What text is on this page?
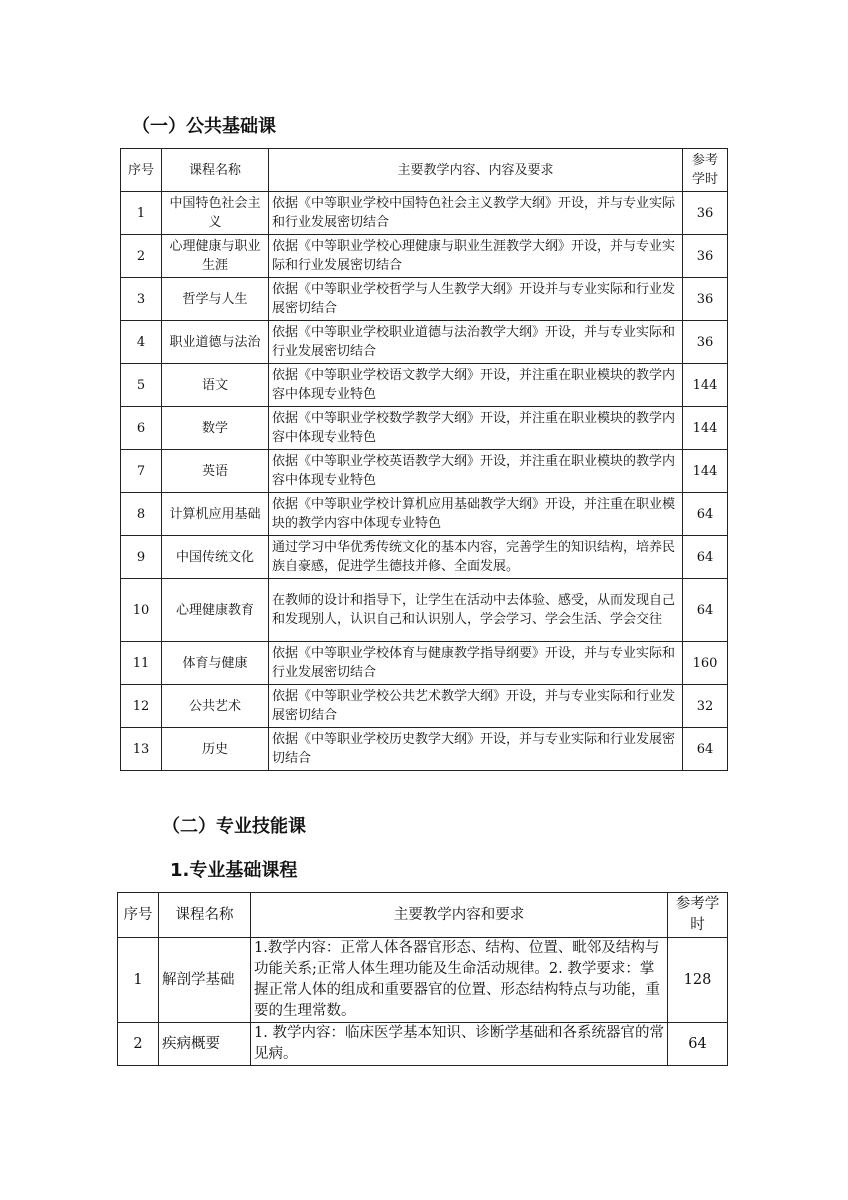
（一）公共基础课
序号	课程名称	主要教学内容、内容及要求	参考学时
1	中国特色社会主义	依据《中等职业学校中国特色社会主义教学大纲》开设，并与专业实际和行业发展密切结合	36
2	心理健康与职业生涯	依据《中等职业学校心理健康与职业生涯教学大纲》开设，并与专业实际和行业发展密切结合	36
3	哲学与人生	依据《中等职业学校哲学与人生教学大纲》开设并与专业实际和行业发展密切结合	36
4	职业道德与法治	依据《中等职业学校职业道德与法治教学大纲》开设，并与专业实际和行业发展密切结合	36
5	语文	依据《中等职业学校语文教学大纲》开设，并注重在职业模块的教学内容中体现专业特色	144
6	数学	依据《中等职业学校数学教学大纲》开设，并注重在职业模块的教学内容中体现专业特色	144
7	英语	依据《中等职业学校英语教学大纲》开设，并注重在职业模块的教学内容中体现专业特色	144
8	计算机应用基础	依据《中等职业学校计算机应用基础教学大纲》开设，并注重在职业模块的教学内容中体现专业特色	64
9	中国传统文化	通过学习中华优秀传统文化的基本内容，完善学生的知识结构，培养民族自豪感，促进学生德技并修、全面发展。	64
10	心理健康教育	在教师的设计和指导下，让学生在活动中去体验、感受，从而发现自己和发现别人，认识自己和认识别人，学会学习、学会生活、学会交往	64
11	体育与健康	依据《中等职业学校体育与健康教学指导纲要》开设，并与专业实际和行业发展密切结合	160
12	公共艺术	依据《中等职业学校公共艺术教学大纲》开设，并与专业实际和行业发展密切结合	32
13	历史	依据《中等职业学校历史教学大纲》开设，并与专业实际和行业发展密切结合	64
（二）专业技能课
1.专业基础课程
序号	课程名称	主要教学内容和要求	参考学时
1	解剖学基础	1.教学内容：正常人体各器官形态、结构、位置、毗邻及结构与功能关系;正常人体生理功能及生命活动规律。2. 教学要求：掌握正常人体的组成和重要器官的位置、形态结构特点与功能，重要的生理常数。	128
2	疾病概要	1. 教学内容：临床医学基本知识、诊断学基础和各系统器官的常见病。	64
